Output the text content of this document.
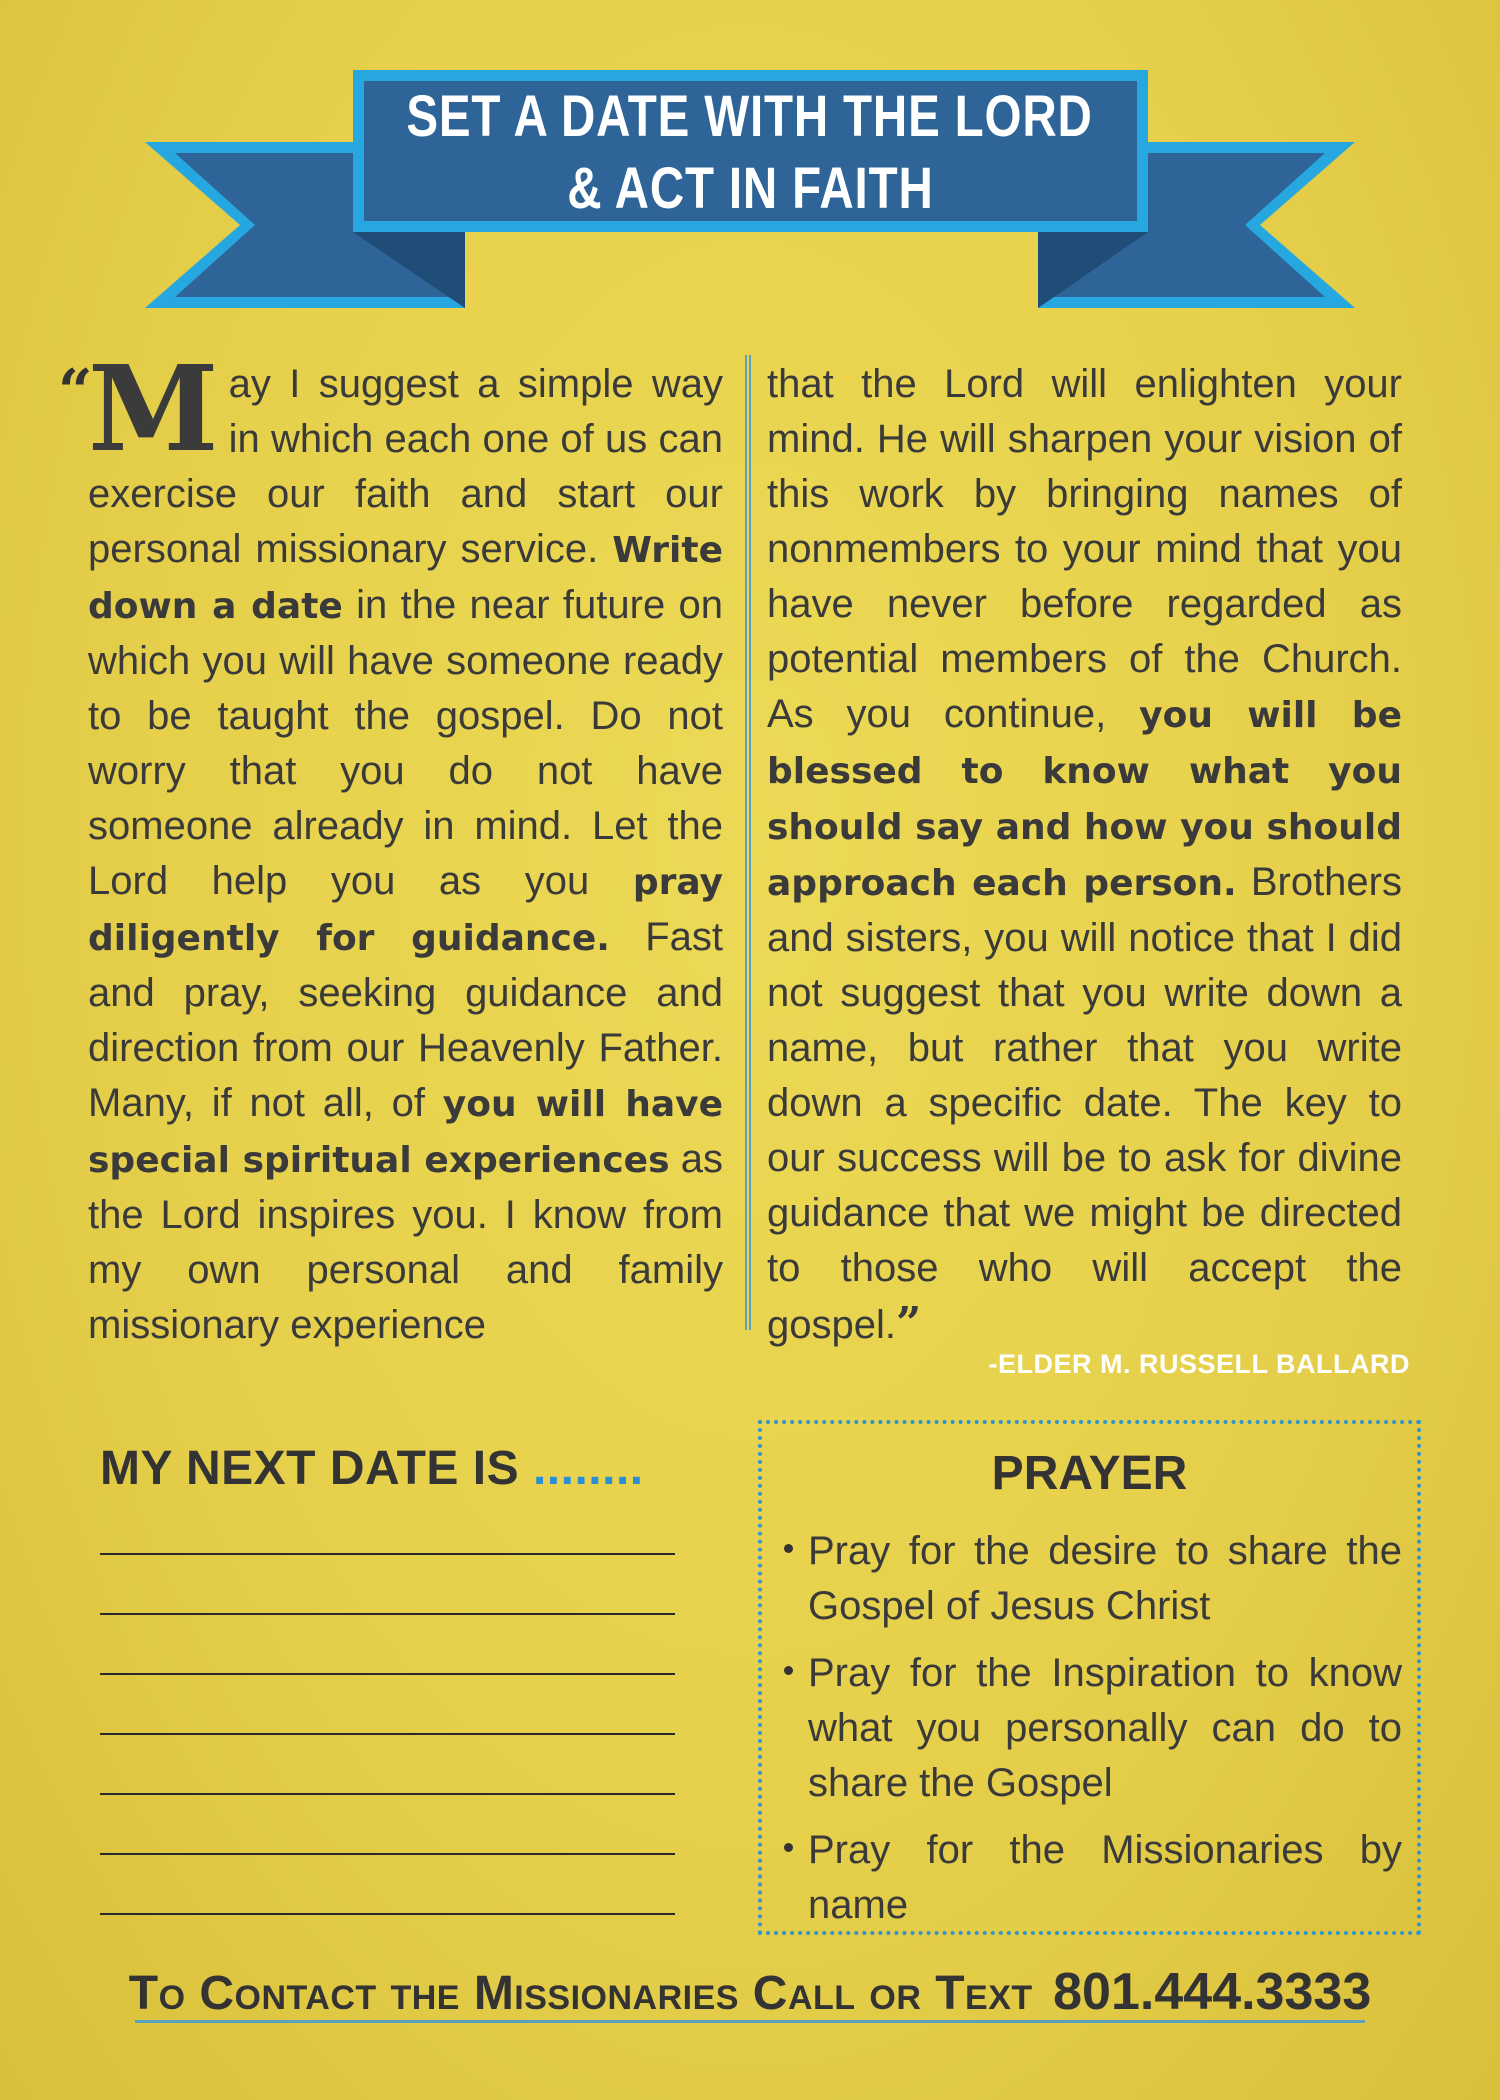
SET A DATE WITH THE LORD
& ACT IN FAITH
“
May I suggest a simple way in which each one of us can exercise our faith and start our personal missionary service. Write down a date in the near future on which you will have someone ready to be taught the gospel. Do not worry that you do not have someone already in mind. Let the Lord help you as you pray diligently for guidance. Fast and pray, seeking guidance and direction from our Heavenly Father. Many, if not all, of you will have special spiritual experiences as the Lord inspires you. I know from my own personal and family missionary experience
that the Lord will enlighten your mind. He will sharpen your vision of this work by bringing names of nonmembers to your mind that you have never before regarded as potential members of the Church. As you continue, you will be blessed to know what you should say and how you should approach each person. Brothers and sisters, you will notice that I did not suggest that you write down a name, but rather that you write down a specific date. The key to our success will be to ask for divine guidance that we might be directed to those who will accept the gospel.”
-ELDER M. RUSSELL BALLARD
MY NEXT DATE IS ........	PRAYER
Pray for the desire to share the Gospel of Jesus Christ
Pray for the Inspiration to know what you personally can do to share the Gospel
Pray for the Missionaries by name
To Contact the Missionaries Call or Text 801.444.3333
